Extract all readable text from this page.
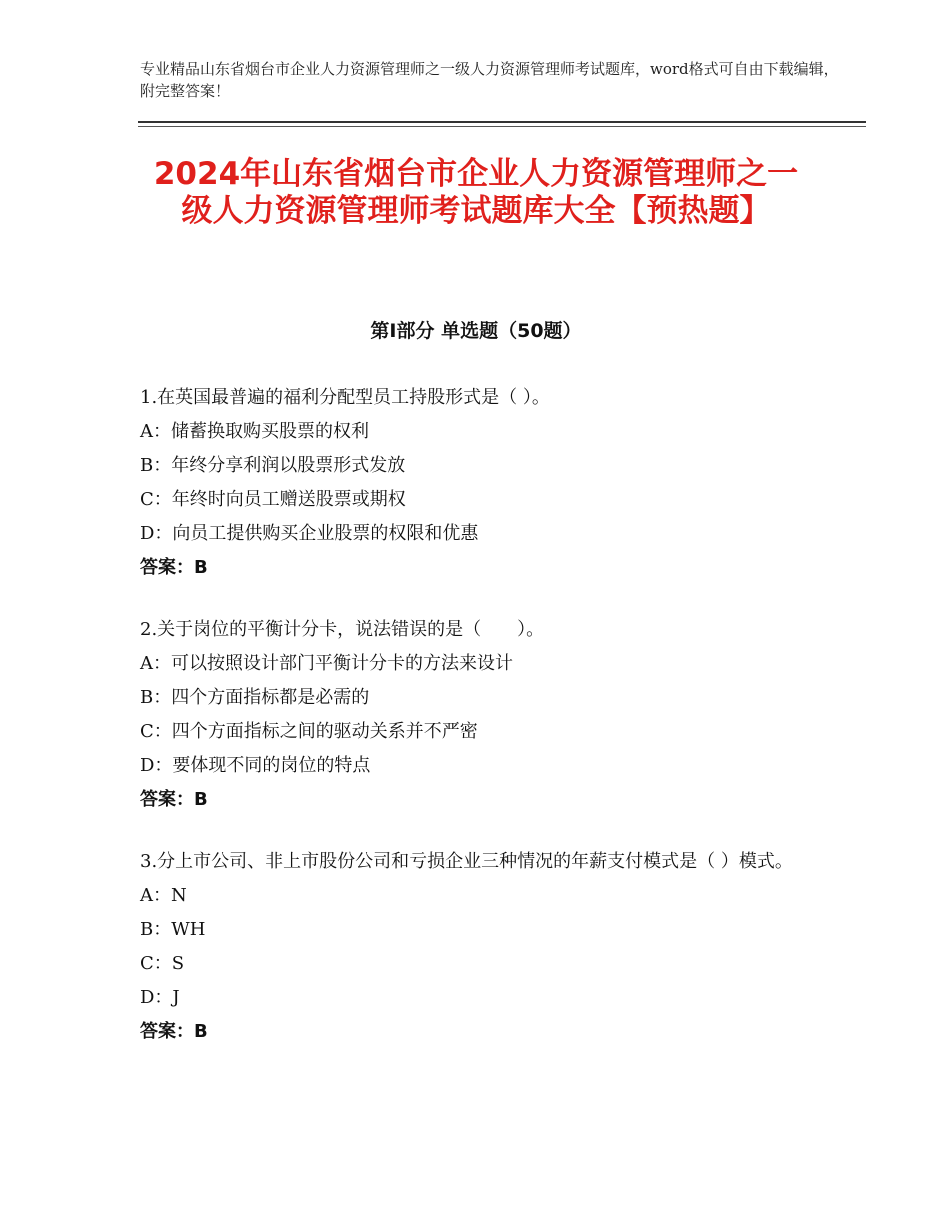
专业精品山东省烟台市企业人力资源管理师之一级人力资源管理师考试题库，word格式可自由下载编辑，附完整答案！
2024年山东省烟台市企业人力资源管理师之一级人力资源管理师考试题库大全【预热题】
第Ⅰ部分 单选题（50题）
1.在英国最普遍的福利分配型员工持股形式是（ ）。
A：储蓄换取购买股票的权利
B：年终分享利润以股票形式发放
C：年终时向员工赠送股票或期权
D：向员工提供购买企业股票的权限和优惠
答案：B
2.关于岗位的平衡计分卡，说法错误的是（　　）。
A：可以按照设计部门平衡计分卡的方法来设计
B：四个方面指标都是必需的
C：四个方面指标之间的驱动关系并不严密
D：要体现不同的岗位的特点
答案：B
3.分上市公司、非上市股份公司和亏损企业三种情况的年薪支付模式是（ ）模式。
A：N
B：WH
C：S
D：J
答案：B
